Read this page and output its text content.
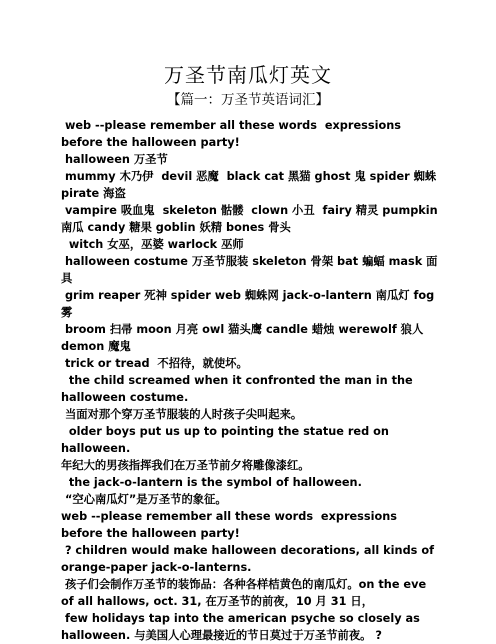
万圣节南瓜灯英文
【篇一：万圣节英语词汇】

web --please remember all these words  expressions before the halloween party!

halloween 万圣节

mummy 木乃伊  devil 恶魔  black cat 黑猫 ghost 鬼 spider 蜘蛛 pirate 海盗

vampire 吸血鬼  skeleton 骷髅  clown 小丑  fairy 精灵 pumpkin 南瓜 candy 糖果 goblin 妖精 bones 骨头

witch 女巫，巫婆 warlock 巫师

halloween costume 万圣节服装 skeleton 骨架 bat 蝙蝠 mask 面具

grim reaper 死神 spider web 蜘蛛网 jack-o-lantern 南瓜灯 fog 雾

broom 扫帚 moon 月亮 owl 猫头鹰 candle 蜡烛 werewolf 狼人 demon 魔鬼

trick or tread  不招待，就使坏。

the child screamed when it confronted the man in the halloween costume.

当面对那个穿万圣节服装的人时孩子尖叫起来。

older boys put us up to pointing the statue red on halloween.

年纪大的男孩指挥我们在万圣节前夕将雕像漆红。

the jack-o-lantern is the symbol of halloween.

“空心南瓜灯”是万圣节的象征。

web --please remember all these words  expressions before the halloween party!

? children would make halloween decorations, all kinds of orange-paper jack-o-lanterns.

孩子们会制作万圣节的装饰品：各种各样桔黄色的南瓜灯。on the eve of all hallows, oct. 31, 在万圣节的前夜，10 月 31 日，

few holidays tap into the american psyche so closely as halloween. 与美国人心理最接近的节日莫过于万圣节前夜。 ?
